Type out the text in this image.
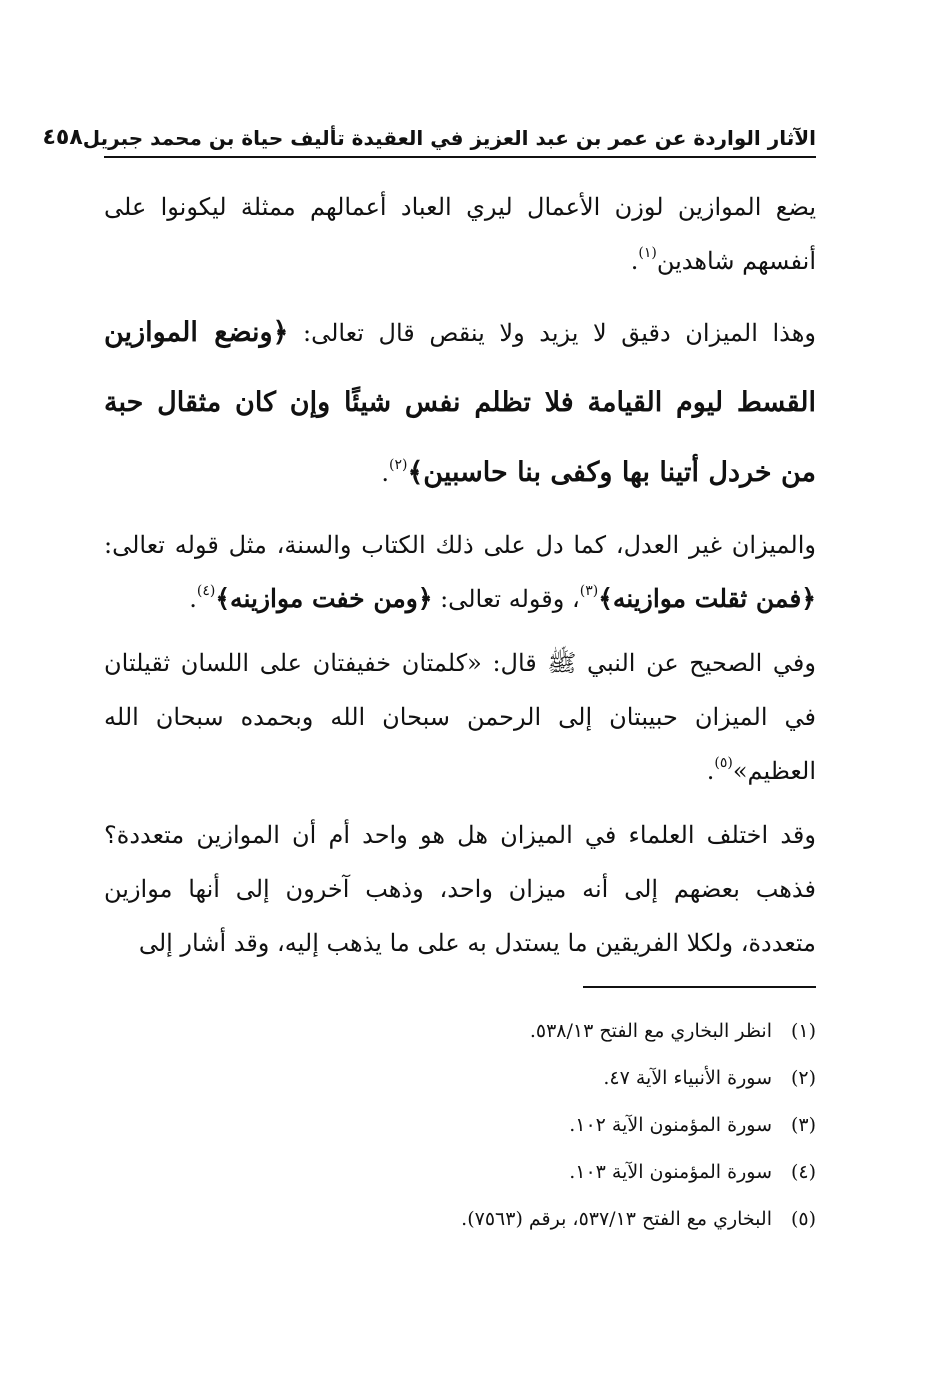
الآثار الواردة عن عمر بن عبد العزيز في العقيدة تأليف حياة بن محمد جبريل
٤٥٨

يضع الموازين لوزن الأعمال ليري العباد أعمالهم ممثلة ليكونوا على أنفسهم شاهدين$^{(١)}$.

وهذا الميزان دقيق لا يزيد ولا ينقص قال تعالى: ﴿ونضع الموازين القسط ليوم القيامة فلا تظلم نفس شيئًا وإن كان مثقال حبة من خردل أتينا بها وكفى بنا حاسبين﴾$^{(٢)}$.

والميزان غير العدل، كما دل على ذلك الكتاب والسنة، مثل قوله تعالى: ﴿فمن ثقلت موازينه﴾$^{(٣)}$، وقوله تعالى: ﴿ومن خفت موازينه﴾$^{(٤)}$.

وفي الصحيح عن النبي ﷺ قال: «كلمتان خفيفتان على اللسان ثقيلتان في الميزان حبيبتان إلى الرحمن سبحان الله وبحمده سبحان الله العظيم»$^{(٥)}$.

وقد اختلف العلماء في الميزان هل هو واحد أم أن الموازين متعددة؟ فذهب بعضهم إلى أنه ميزان واحد، وذهب آخرون إلى أنها موازين متعددة، ولكلا الفريقين ما يستدل به على ما يذهب إليه، وقد أشار إلى

(١)
انظر البخاري مع الفتح ٥٣٨/١٣.
(٢)
سورة الأنبياء الآية ٤٧.
(٣)
سورة المؤمنون الآية ١٠٢.
(٤)
سورة المؤمنون الآية ١٠٣.
(٥)
البخاري مع الفتح ٥٣٧/١٣، برقم (٧٥٦٣).
